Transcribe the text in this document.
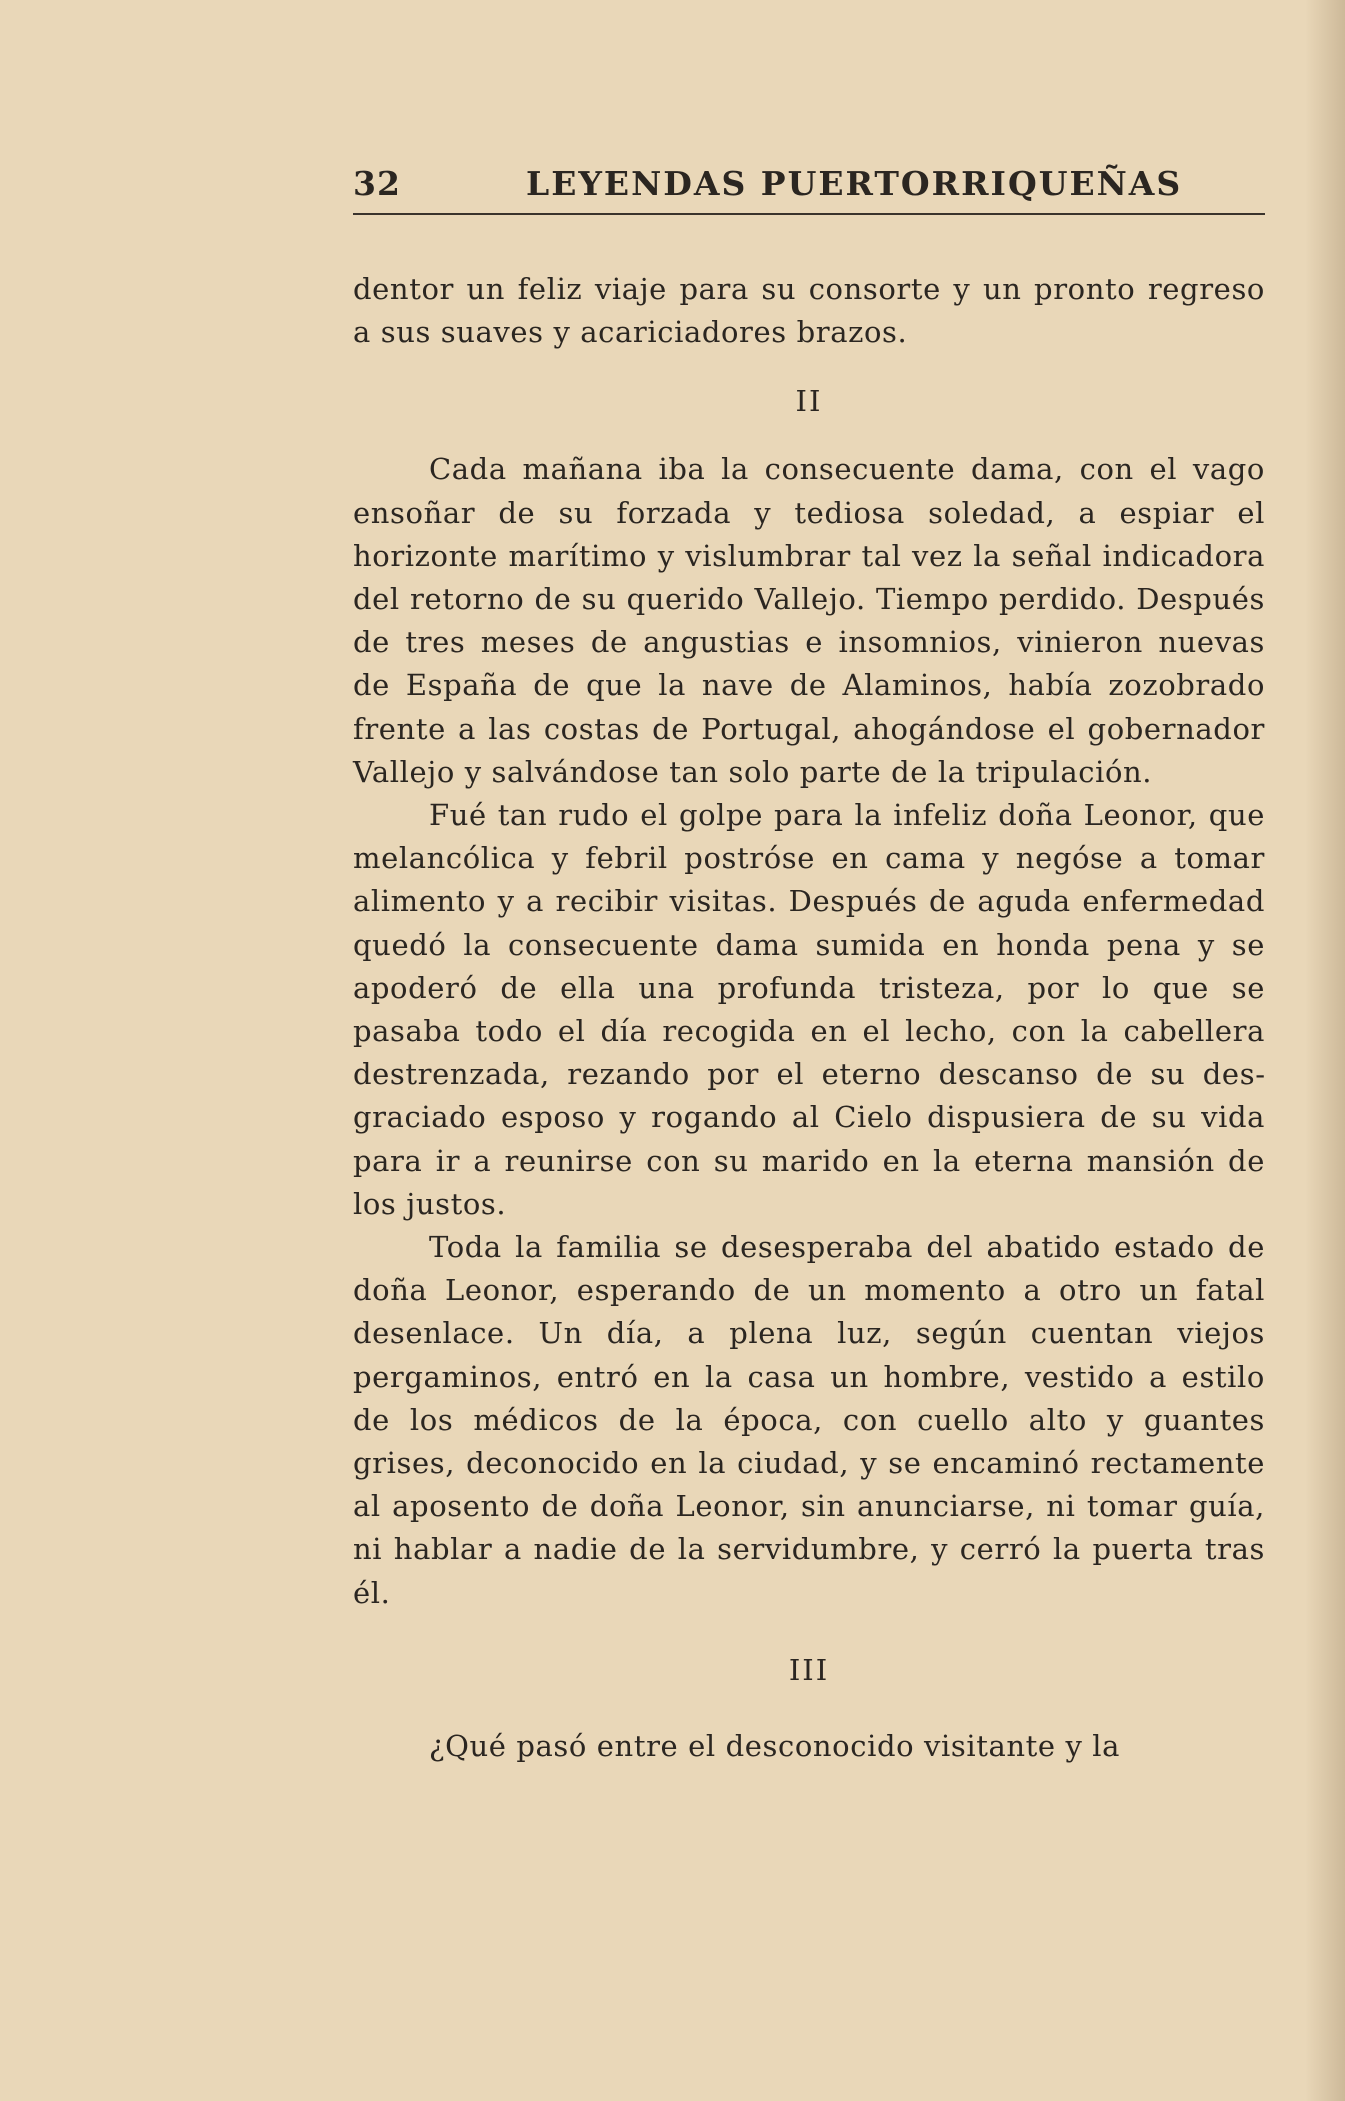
32	LEYENDAS PUERTORRIQUEÑAS

dentor un feliz viaje para su consorte y un pronto regreso a sus suaves y acariciadores brazos.

II

Cada mañana iba la consecuente dama, con el vago ensoñar de su forzada y tediosa soledad, a espiar el horizonte marítimo y vislumbrar tal vez la señal indicadora del retorno de su querido Vallejo. Tiempo perdido. Después de tres meses de angustias e insomnios, vinieron nuevas de España de que la nave de Alaminos, había zozobrado frente a las costas de Portugal, ahogándose el gobernador Vallejo y salvándose tan solo parte de la tripulación.

Fué tan rudo el golpe para la infeliz doña Leonor, que melancólica y febril postróse en cama y negóse a tomar alimento y a recibir visitas. Después de aguda enfermedad quedó la consecuente dama sumida en honda pena y se apoderó de ella una profunda tristeza, por lo que se pasaba todo el día recogida en el lecho, con la cabellera destrenzada, rezando por el eterno descanso de su desgraciado esposo y rogando al Cielo dispusiera de su vida para ir a reunirse con su marido en la eterna mansión de los justos.

Toda la familia se desesperaba del abatido estado de doña Leonor, esperando de un momento a otro un fatal desenlace. Un día, a plena luz, según cuentan viejos pergaminos, entró en la casa un hombre, vestido a estilo de los médicos de la época, con cuello alto y guantes grises, deconocido en la ciudad, y se encaminó rectamente al aposento de doña Leonor, sin anunciarse, ni tomar guía, ni hablar a nadie de la servidumbre, y cerró la puerta tras él.

III

¿Qué pasó entre el desconocido visitante y la
